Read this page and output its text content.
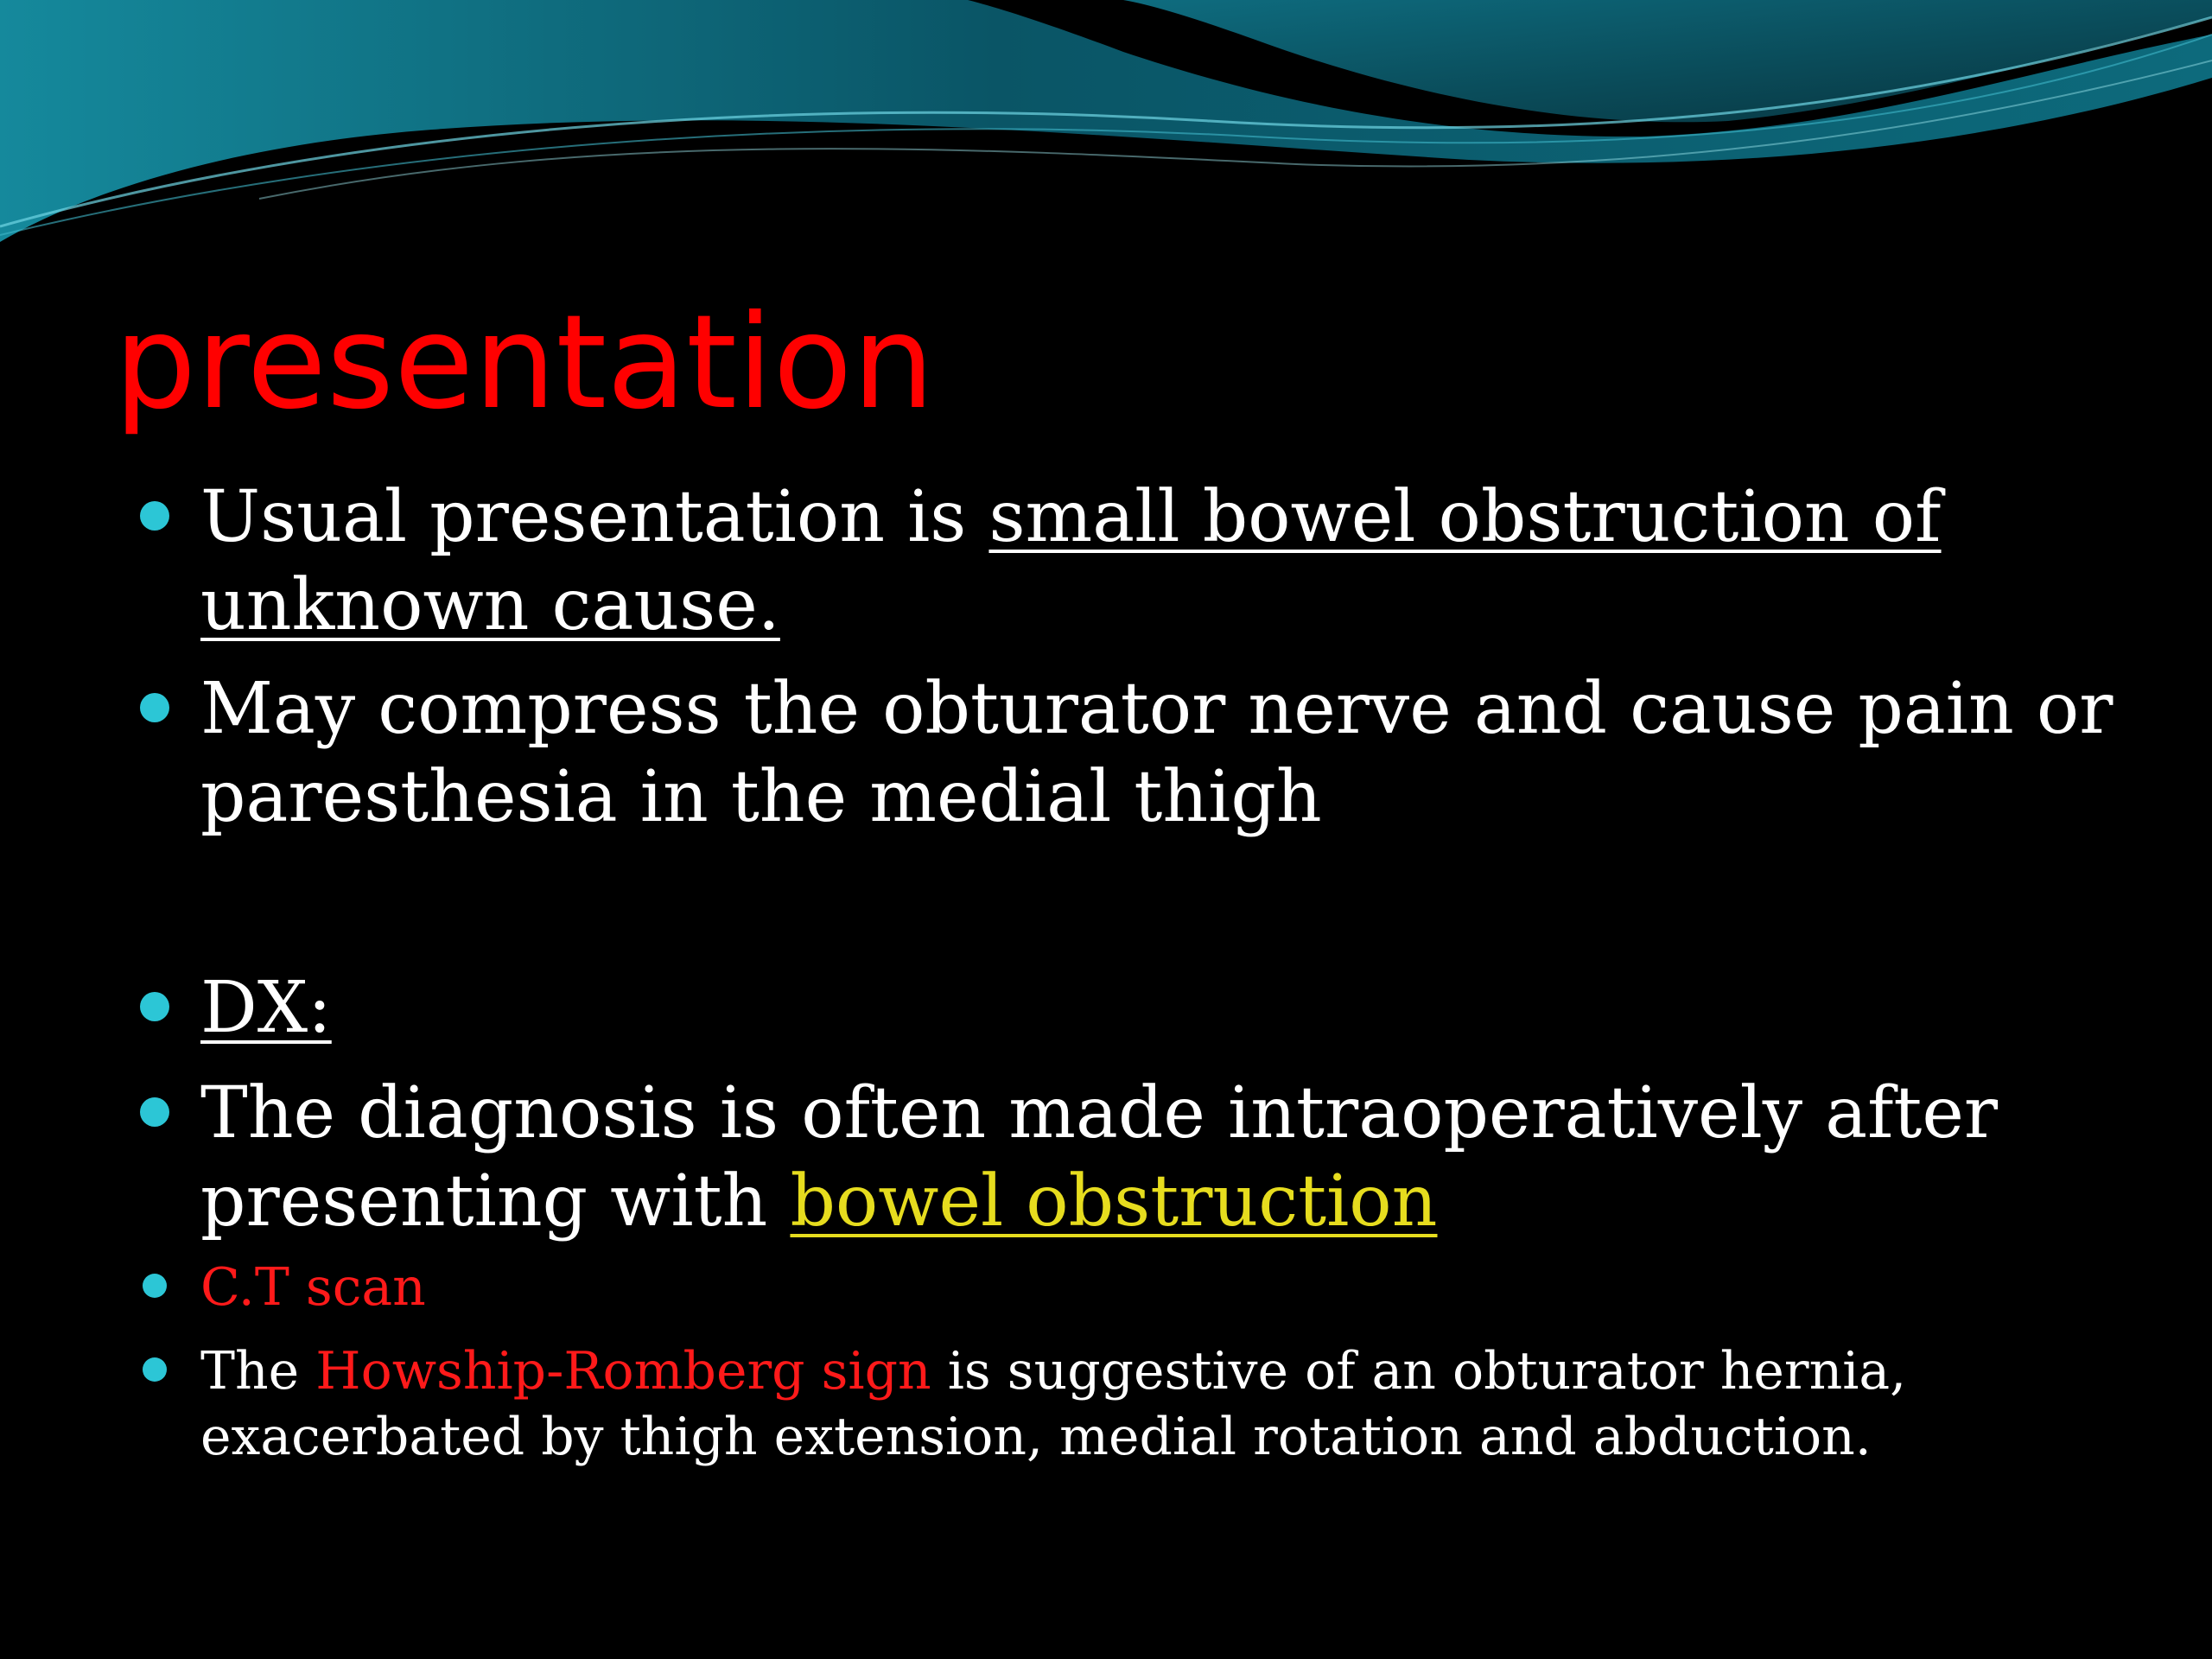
presentation
Usual presentation is small bowel obstruction of
unknown cause.
May compress the obturator nerve and cause pain or
paresthesia in the medial thigh
DX:
The diagnosis is often made intraoperatively after
presenting with bowel obstruction
C.T scan
The Howship-Romberg sign is suggestive of an obturator hernia,
exacerbated by thigh extension, medial rotation and abduction.
